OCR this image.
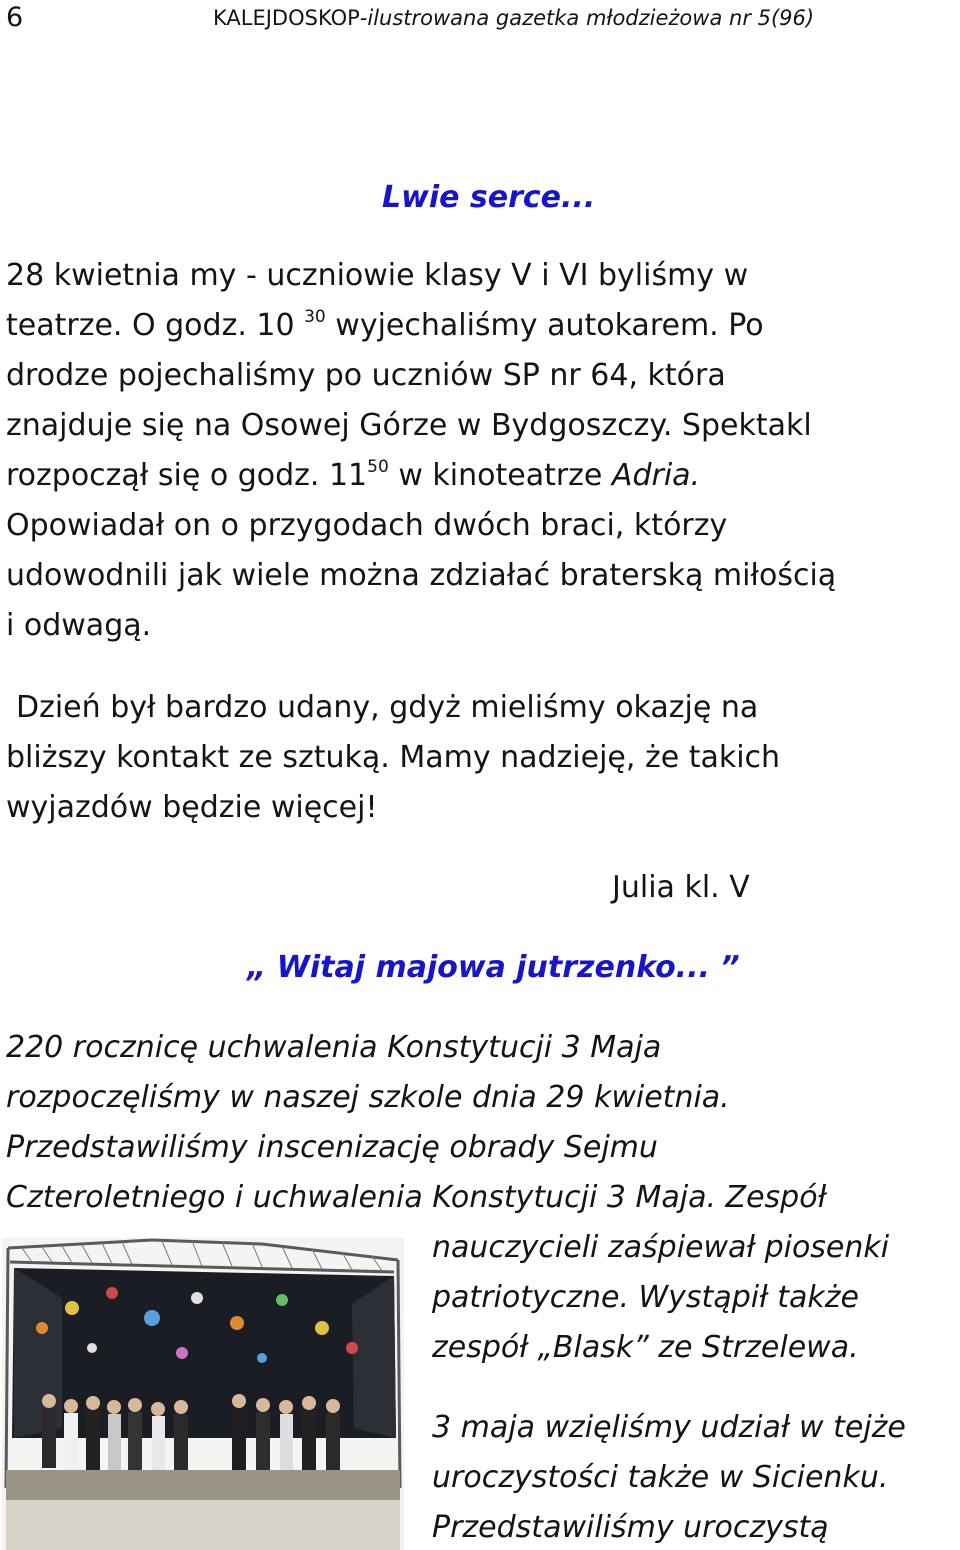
6	KALEJDOSKOP-ilustrowana gazetka młodzieżowa nr 5(96)
Lwie serce...
28 kwietnia my - uczniowie klasy V i VI byliśmy w
teatrze. O godz. 10 $^{30}$ wyjechaliśmy autokarem. Po
drodze pojechaliśmy po uczniów SP nr 64, która
znajduje się na Osowej Górze w Bydgoszczy. Spektakl
rozpoczął się o godz. $11^{50}$ w kinoteatrze Adria.
Opowiadał on o przygodach dwóch braci, którzy
udowodnili jak wiele można zdziałać braterską miłością
i odwagą.
Dzień był bardzo udany, gdyż mieliśmy okazję na
bliższy kontakt ze sztuką. Mamy nadzieję, że takich
wyjazdów będzie więcej!
Julia kl. V
„ Witaj majowa jutrzenko... ”
220 rocznicę uchwalenia Konstytucji 3 Maja
rozpoczęliśmy w naszej szkole dnia 29 kwietnia.
Przedstawiliśmy inscenizację obrady Sejmu
Czteroletniego i uchwalenia Konstytucji 3 Maja. Zespół
nauczycieli zaśpiewał piosenki
patriotyczne. Wystąpił także
zespół „Blask” ze Strzelewa.
3 maja wzięliśmy udział w tejże
uroczystości także w Sicienku.
Przedstawiliśmy uroczystą
